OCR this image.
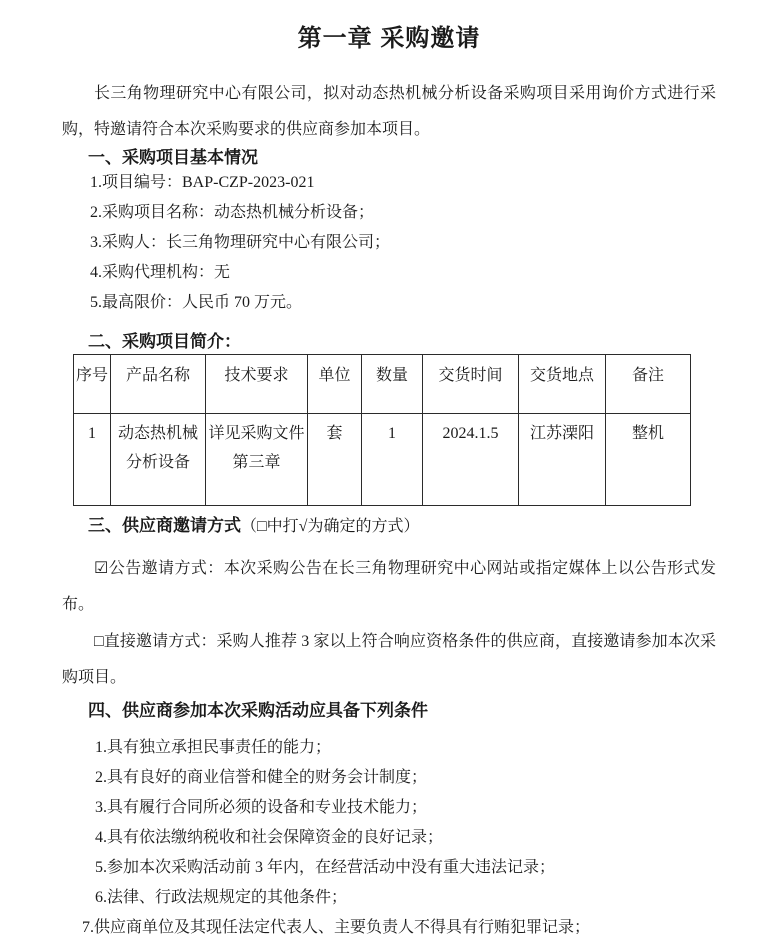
第一章 采购邀请

长三角物理研究中心有限公司，拟对动态热机械分析设备采购项目采用询价方式进行采购，特邀请符合本次采购要求的供应商参加本项目。

一、采购项目基本情况

1.项目编号：BAP-CZP-2023-021

2.采购项目名称：动态热机械分析设备；

3.采购人：长三角物理研究中心有限公司；

4.采购代理机构：无

5.最高限价：人民币 70 万元。

二、采购项目简介：
序号	产品名称	技术要求	单位	数量	交货时间	交货地点	备注
1	动态热机械分析设备	详见采购文件第三章	套	1	2024.1.5	江苏溧阳	整机
三、供应商邀请方式（□中打√为确定的方式）

☑公告邀请方式：本次采购公告在长三角物理研究中心网站或指定媒体上以公告形式发布。

□直接邀请方式：采购人推荐 3 家以上符合响应资格条件的供应商，直接邀请参加本次采购项目。

四、供应商参加本次采购活动应具备下列条件

1.具有独立承担民事责任的能力；

2.具有良好的商业信誉和健全的财务会计制度；

3.具有履行合同所必须的设备和专业技术能力；

4.具有依法缴纳税收和社会保障资金的良好记录；

5.参加本次采购活动前 3 年内，在经营活动中没有重大违法记录；

6.法律、行政法规规定的其他条件；

7.供应商单位及其现任法定代表人、主要负责人不得具有行贿犯罪记录；
